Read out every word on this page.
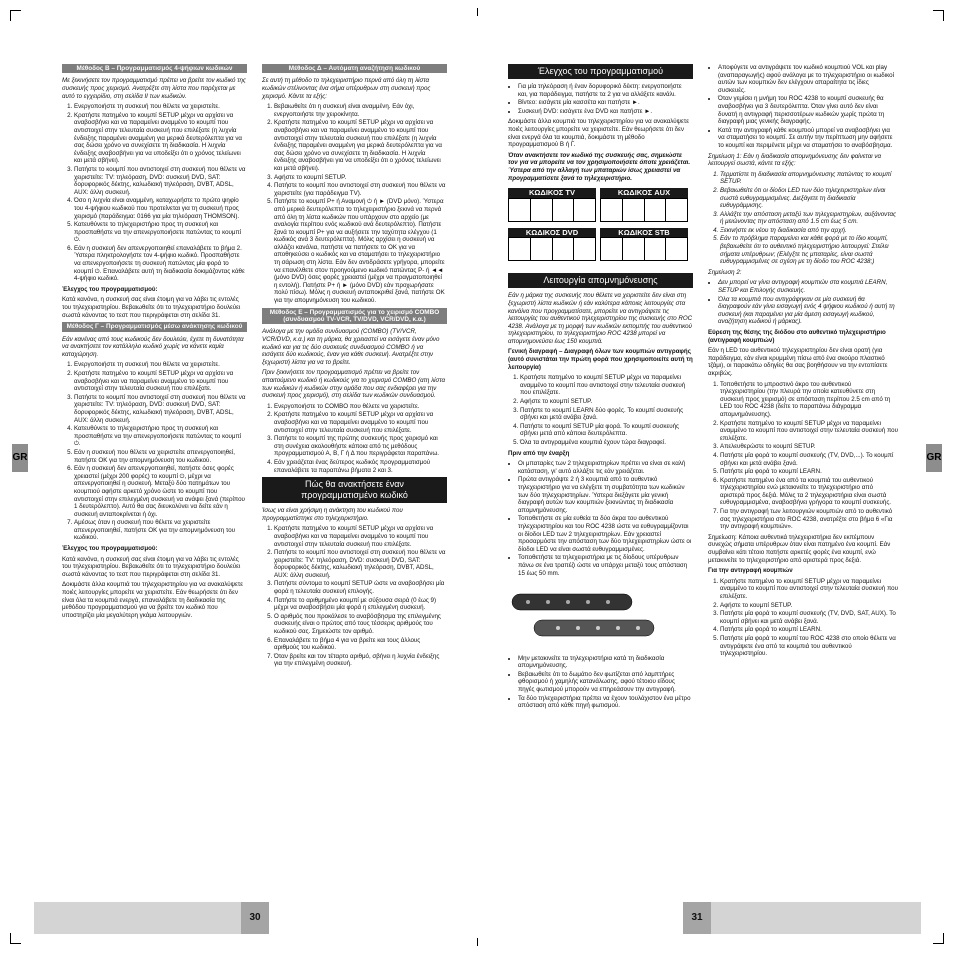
GR	GR
30	31
Μέθοδος Β – Προγραμματισμός 4-ψήφιων κωδικών

Με ξεκινήσετε τον προγραμματισμό πρέπει να βρείτε τον κωδικό της συσκευής προς χειρισμό. Ανατρέξτε στη λίστα που παρέχεται με αυτό το εγχειρίδιο, στη σελίδα ΙΙ των κωδικών.

1. Ενεργοποιήστε τη συσκευή που θέλετε να χειριστείτε.
2. Κρατήστε πατημένο το κουμπί SETUP μέχρι να αρχίσει να αναβοσβήνει και να παραμείνει αναμμένο το κουμπί που αντιστοιχεί στην τελευταία συσκευή που επιλέξατε (η λυχνία ένδειξης παραμένει αναμμένη για μερικά δευτερόλεπτα για να σας δώσει χρόνο να συνεχίσετε τη διαδικασία. Η λυχνία ένδειξης αναβοσβήνει για να υποδείξει ότι ο χρόνος τελείωνει και μετά σβήνει).
3. Πατήστε το κουμπί που αντιστοιχεί στη συσκευή που θέλετε να χειριστείτε: TV: τηλεόραση, DVD: συσκευή DVD, SAT: δορυφορικός δέκτης, καλωδιακή τηλεόραση, DVBT, ADSL, AUX: άλλη συσκευή.
4. Όσο η λυχνία είναι αναμμένη, καταχωρήστε το πρώτο ψηφίο του 4-ψήφιου κωδικού που προτείνεται για τη συσκευή προς χειρισμό (παράδειγμα: 0166 για μία τηλεόραση THOMSON).
5. Κατευθύνετε το τηλεχειριστήριο προς τη συσκευή και προσπαθήστε να την απενεργοποιήσετε πατώντας το κουμπί ⏻.
6. Εάν η συσκευή δεν απενεργοποιηθεί επαναλάβετε το βήμα 2. Ύστερα πληκτρολογήστε τον 4-ψήφιο κωδικό. Προσπαθήστε να απενεργοποιήσετε τη συσκευή πατώντας μία φορά το κουμπί ⏻. Επαναλάβετε αυτή τη διαδικασία δοκιμάζοντας κάθε 4-ψήφιο κωδικό.

Έλεγχος του προγραμματισμού:

Κατά κανόνα, η συσκευή σας είναι έτοιμη για να λάβει τις εντολές του τηλεχειριστηρίου. Βεβαιωθείτε ότι το τηλεχειριστήριο δουλεύει σωστά κάνοντας το τεστ που περιγράφεται στη σελίδα 31.

Μέθοδος Γ – Προγραμματισμός μέσω ανάκτησης κωδικού

Εάν κανένας από τους κωδικούς δεν δουλεύει, έχετε τη δυνατότητα να ανακτήσετε τον κατάλληλο κωδικό χωρίς να κάνετε καμία καταχώρηση.

1. Ενεργοποιήστε τη συσκευή που θέλετε να χειριστείτε.
2. Κρατήστε πατημένο το κουμπί SETUP μέχρι να αρχίσει να αναβοσβήνει και να παραμείνει αναμμένο το κουμπί που αντιστοιχεί στην τελευταία συσκευή που επιλέξατε.
3. Πατήστε το κουμπί που αντιστοιχεί στη συσκευή που θέλετε να χειριστείτε: TV: τηλεόραση, DVD: συσκευή DVD, SAT: δορυφορικός δέκτης, καλωδιακή τηλεόραση, DVBT, ADSL, AUX: άλλη συσκευή.
4. Κατευθύνετε το τηλεχειριστήριο προς τη συσκευή και προσπαθήστε να την απενεργοποιήσετε πατώντας το κουμπί ⏻.
5. Εάν η συσκευή που θέλετε να χειριστείτε απενεργοποιηθεί, πατήστε OK για την απομνημόνευση του κωδικού.
6. Εάν η συσκευή δεν απενεργοποιηθεί, πατήστε όσες φορές χρειαστεί (μέχρι 200 φορές) το κουμπί ⏻, μέχρι να απενεργοποιηθεί η συσκευή. Μεταξύ δύο πατημάτων του κουμπιού αφήστε αρκετό χρόνο ώστε το κουμπί που αντιστοιχεί στην επιλεγμένη συσκευή να ανάψει ξανά (περίπου 1 δευτερόλεπτο). Αυτό θα σας διευκολύνει να δείτε εάν η συσκευή ανταποκρίνεται ή όχι.
7. Αμέσως όταν η συσκευή που θέλετε να χειριστείτε απενεργοποιηθεί, πατήστε OK για την απομνημόνευση του κωδικού.

Έλεγχος του προγραμματισμού:

Κατά κανόνα, η συσκευή σας είναι έτοιμη για να λάβει τις εντολές του τηλεχειριστηρίου. Βεβαιωθείτε ότι το τηλεχειριστήριο δουλεύει σωστά κάνοντας το τεστ που περιγράφεται στη σελίδα 31.

Δοκιμάστε άλλα κουμπιά του τηλεχειριστηρίου για να ανακαλύψετε ποιές λειτουργίες μπορείτε να χειριστείτε. Εάν θεωρήσετε ότι δεν είναι όλα τα κουμπιά ενεργά, επαναλάβετε τη διαδικασία της μεθόδου προγραμματισμού για να βρείτε τον κωδικό που υποστηρίζει μία μεγαλύτερη γκάμα λειτουργιών.

Μέθοδος Δ – Αυτόματη αναζήτηση κωδικού

Σε αυτή τη μέθοδο το τηλεχειριστήριο περνά από όλη τη λίστα κωδικών στέλνοντας ένα σήμα υπέρυθρων στη συσκευή προς χειρισμό. Κάντε τα εξής:

1. Βεβαιωθείτε ότι η συσκευή είναι αναμμένη. Εάν όχι, ενεργοποιήστε την χειροκίνητα.
2. Κρατήστε πατημένο το κουμπί SETUP μέχρι να αρχίσει να αναβοσβήνει και να παραμείνει αναμμένο το κουμπί που αντιστοιχεί στην τελευταία συσκευή που επιλέξατε (η λυχνία ένδειξης παραμένει αναμμένη για μερικά δευτερόλεπτα για να σας δώσει χρόνο να συνεχίσετε τη διαδικασία. Η λυχνία ένδειξης αναβοσβήνει για να υποδείξει ότι ο χρόνος τελείωνει και μετά σβήνει).
3. Αφήστε το κουμπί SETUP.
4. Πατήστε το κουμπί που αντιστοιχεί στη συσκευή που θέλετε να χειριστείτε (για παράδειγμα TV).
5. Πατήστε το κουμπί P+ ή Αναμονή ⏻ ή ► (DVD μόνο). Ύστερα από μερικά δευτερόλεπτα το τηλεχειριστήριο ξεκινά να περνά από όλη τη λίστα κωδικών που υπάρχουν στο αρχείο (με αναλογία περίπου ενός κωδικού ανά δευτερόλεπτο). Πατήστε ξανά το κουμπί P+ για να αυξήσετε την ταχύτητα ελέγχου (1 κωδικός ανά 3 δευτερόλεπτα). Μόλις αρχίσει η συσκευή να αλλάζει κανάλια, πατήστε να πατήσετε το OK για να αποθηκεύσει ο κωδικός και να σταματήσει το τηλεχειριστήριο τη σάρωση στη λίστα. Εάν δεν αντιδράσετε γρήγορα, μπορείτε να επανέλθετε στον προηγούμενο κωδικό πατώντας P- ή ◄◄ (μόνο DVD) όσες φορές χρειαστεί (μέχρι να πραγματοποιηθεί η εντολή). Πατήστε P+ ή ► (μόνο DVD) εάν προχωρήσατε πολύ πίσω). Μόλις η συσκευή ανταποκριθεί ξανά, πατήστε OK για την απομνημόνευση του κωδικού.
Μέθοδος Ε – Προγραμματισμός για το χειρισμό COMBO (συνδυασμού TV-VCR, TV/DVD, VCR/DVD, κ.α.)

Ανάλογα με την ομάδα συνδυασμού (COMBO) (TV/VCR, VCR/DVD, κ.α.) και τη μάρκα, θα χρειαστεί να εισάγετε έναν μόνο κωδικό και για τις δύο συσκευές συνδυασμού COMBO ή να εισάγετε δύο κωδικούς, έναν για κάθε συσκευή. Ανατρέξτε στην ξεχωριστή λίστα για να το βρείτε.

Πριν ξεκινήσετε τον προγραμματισμό πρέπει να βρείτε τον απαιτούμενο κωδικό ή κωδικούς για το χειρισμό COMBO (ατη λίστα των κωδικών ή κωδικών στην ομάδα που σας ενδιαφέρει για την συσκευή προς χειρισμό), στη σελίδα των κωδικών συνδυασμού.

1. Ενεργοποιήστε το COMBO που θέλετε να χειριστείτε.
2. Κρατήστε πατημένο το κουμπί SETUP μέχρι να αρχίσει να αναβοσβήνει και να παραμείνει αναμμένο το κουμπί που αντιστοιχεί στην τελευταία συσκευή που επιλέξατε.
3. Πατήστε το κουμπί της πρώτης συσκευής προς χειρισμό και στη συνέχεια ακολουθήστε κάποια από τις μεθόδους προγραμματισμού Α, Β, Γ ή Δ που περιγράφεται παραπάνω.
4. Εάν χρειάζεται ένας δεύτερος κωδικός προγραμματισμού επαναλάβετε τα παραπάνω βήματα 2 και 3.
Πώς θα ανακτήσετε έναν προγραμματισμένο κωδικό

Ίσως να είναι χρήσιμη η ανάκτηση του κωδικού που προγραμματίστηκε στο τηλεχειριστήριο.

1. Κρατήστε πατημένο το κουμπί SETUP μέχρι να αρχίσει να αναβοσβήνει και να παραμείνει αναμμένο το κουμπί που αντιστοιχεί στην τελευταία συσκευή που επιλέξατε.
2. Πατήστε το κουμπί που αντιστοιχεί στη συσκευή που θέλετε να χειριστείτε: TV: τηλεόραση, DVD: συσκευή DVD, SAT: δορυφορικός δέκτης, καλωδιακή τηλεόραση, DVBT, ADSL, AUX: άλλη συσκευή.
3. Πατήστε σύντομα το κουμπί SETUP ώστε να αναβοσβήσει μία φορά η τελευταία συσκευή επιλογής.
4. Πατήστε το αριθμημένο κουμπί με σύξουσα σειρά (0 έως 9) μέχρι να αναβοσβήσει μία φορά η επιλεγμένη συσκευή.
5. Ο αριθμός που προκάλεσε το αναβόσβησμα της επιλεγμένης συσκευής είναι ο πρώτος από τους τέσσερις αριθμούς του κωδικού σας. Σημειώστε τον αριθμό.
6. Επαναλάβετε το βήμα 4 για να βρείτε και τους άλλους αριθμούς του κωδικού.
7. Όταν βρείτε και τον τέταρτο αριθμό, σβήνει η λυχνία ένδειξης για την επιλεγμένη συσκευή.
Έλεγχος του προγραμματισμού
• Για μία τηλεόραση ή έναν δορυφορικό δέκτη: ενεργοποιήστε και, για παράδειγμα, πατήστε τα 2 για να αλλάξετε κανάλι.
• Βίντεο: εισάγετε μία κασσέτα και πατήστε ►.
• Συσκευή DVD: εισάγετε ένα DVD και πατήστε ►.

Δοκιμάστε άλλα κουμπιά του τηλεχειριστηρίου για να ανακαλύψετε ποιές λειτουργίες μπορείτε να χειριστείτε. Εάν θεωρήσετε ότι δεν είναι ενεργά όλα τα κουμπιά, δοκιμάστε τη μέθοδο προγραμματισμού Β ή Γ.

Όταν ανακτήσετε τον κωδικό της συσκευής σας, σημειώστε τον για να μπορείτε να τον χρησιμοποιήσετε όποτε χρειάζεται. Ύστερα από την αλλαγή των μπαταριών ίσως χρειαστεί να προγραμματίσετε ξανά το τηλεχειριστήριο.

ΚΩΔΙΚΟΣ TV	ΚΩΔΙΚΟΣ AUX
ΚΩΔΙΚΟΣ DVD	ΚΩΔΙΚΟΣ STB
Λειτουργία απομνημόνευσης

Εάν η μάρκα της συσκευής που θέλετε να χειριστείτε δεν είναι στη ξεχωριστή λίστα κωδικών ή εάν καλύτερα κάποιες λειτουργίες στα κανάλια που προγραμματίσατε, μπορείτε να αντιγράψετε τις λειτουργίες του αυθεντικού τηλεχειριστηρίου της συσκευής στο ROC 4238. Ανάλογα με τη μορφή των κωδικών εκπομπής του αυθεντικού τηλεχειριστηρίου, το τηλεχειριστήριο ROC 4238 μπορεί να απομνημονεύσει έως 150 κουμπιά.

Γενική διαγραφή – Διαγραφή όλων των κουμπιών αντιγραφής (αυτό συνιστάται την πρώτη φορά που χρησιμοποιείτε αυτή τη λειτουργία)

1. Κρατήστε πατημένο το κουμπί SETUP μέχρι να παραμείνει αναμμένο το κουμπί που αντιστοιχεί στην τελευταία συσκευή που επιλέξατε.
2. Αφήστε το κουμπί SETUP.
3. Πατήστε το κουμπί LEARN δύο φορές. Το κουμπί συσκευής σβήνει και μετά ανάβει ξανά.
4. Πατήστε το κουμπί SETUP μία φορά. Το κουμπί συσκευής σβήνει μετά από κάποια δευτερόλεπτα.
5. Όλα τα αντιγραμμένα κουμπιά έχουν τώρα διαγραφεί.

Πριν από την έναρξη

• Οι μπαταρίες των 2 τηλεχειριστηρίων πρέπει να είναι σε καλή κατάσταση, γι' αυτό αλλάξτε τις εάν χρειάζεται.
• Πρώτα αντιγράψτε 2 ή 3 κουμπιά από το αυθεντικό τηλεχειριστήριο για να ελέγξετε τη συμβατότητα των κωδικών των δύο τηλεχειριστηρίων. Ύστερα διεξάγετε μία γενική διαγραφή αυτών των κουμπιών ξεκινώντας τη διαδικασία απομνημόνευσης.
• Τοποθετήστε σε μία ευθεία τα δύο άκρα του αυθεντικού τηλεχειριστηρίου και του ROC 4238 ώστε να ευθυγραμμίζονται οι δίοδοι LED των 2 τηλεχειριστηρίων. Εάν χρειαστεί προσαρμόστε την απόσταση των δύο τηλεχειριστηρίων ώστε οι δίοδοι LED να είναι σωστά ευθυγραμμισμένες.
• Τοποθετήστε τα τηλεχειριστήρια με τις δίοδους υπέρυθρων πάνω σε ένα τραπέζι ώστε να υπάρχει μεταξύ τους απόσταση 15 έως 50 mm.
• Μην μετακινείτε τα τηλεχειριστήρια κατά τη διαδικασία απομνημόνευσης.
• Βεβαιωθείτε ότι το δωμάτιο δεν φωτίζεται από λαμπτήρες φθορισμού ή χαμηλής κατανάλωσης, αφού τέτοιου είδους πηγές φωτισμού μπορούν να επηρεάσουν την αντιγραφή.
• Τα δύο τηλεχειριστήρια πρέπει να έχουν τουλάχιστον ένα μέτρο απόσταση από κάθε πηγή φωτισμού.
• Αποφύγετε να αντιγράψετε τον κωδικό κουμπιού VOL και play (αναπαραγωγής) αφού ανάλογα με το τηλεχειριστήριο οι κωδικοί αυτών των κουμπιών δεν ελέγχουν απαραίτητα τις ίδιες συσκευές.
• Όταν γεμίσει η μνήμη του ROC 4238 το κουμπί συσκευής θα αναβοσβήνει για 3 δευτερόλεπτα. Όταν γίνει αυτό δεν είναι δυνατή η αντιγραφή περισσοτέρων κωδικών χωρίς πρώτα τη διαγραφή μιας γενικής διαγραφής.
• Κατά την αντιγραφή κάθε κουμπιού μπορεί να αναβοσβήνει για να σταματήσει το κουμπί. Σε αυτήν την περίπτωση μην αφήσετε το κουμπί και περιμένετε μέχρι να σταματήσει το αναβόσβησμα.

Σημείωση 1: Εάν η διαδικασία απομνημόνευσης δεν φαίνεται να λειτουργεί σωστά, κάντε τα εξής:

1. Τερματίστε τη διαδικασία απομνημόνευσης πατώντας το κουμπί SETUP.
2. Βεβαιωθείτε ότι οι δίοδοι LED των δύο τηλεχειριστηρίων είναι σωστά ευθυγραμμισμένες. Διεξάγετε τη διαδικασία ευθυγράμμισης.
3. Αλλάξτε την απόσταση μεταξύ των τηλεχειριστηρίων, αυξάνοντας ή μειώνοντας την απόσταση από 1.5 cm έως 5 cm.
4. Ξεκινήστε εκ νέου τη διαδικασία από την αρχή.
5. Εάν το πρόβλημα παραμείνει και κάθε φορά με το ίδιο κουμπί, βεβαιωθείτε ότι το αυθεντικό τηλεχειριστήριο λειτουργεί: Στείλει σήματα υπέρυθρων; (Ελέγξτε τις μπαταρίες, είναι σωστά ευθυγραμμισμένες σε σχέση με τη δίοδο του ROC 4238;)

Σημείωση 2:

• Δεν μπορεί να γίνει αντιγραφή κουμπιών στα κουμπιά LEARN, SETUP και Επιλογής συσκευής.
• Όλα τα κουμπιά που αντιγράφηκαν σε μία συσκευή θα διαγραφούν εάν γίνει εισαγωγή ενός 4 ψήφιου κωδικού ή αυτή τη συσκευή (και παραμένει για μία άμεση εισαγωγή κωδικού, αναζήτηση κωδικού ή μάρκας).

Εύρεση της θέσης της διόδου στο αυθεντικό τηλεχειριστήριο (αντιγραφή κουμπιών)

Εάν η LED του αυθεντικού τηλεχειριστηρίου δεν είναι ορατή (για παράδειγμα, εάν είναι κρυμμένη πίσω από ένα σκούρο πλαστικό τζάμι), οι παρακάτω οδηγίες θα σας βοηθήσουν να την εντοπίσετε ακριβώς.

1. Τοποθετήστε το μπροστινό άκρο του αυθεντικού τηλεχειριστηρίου (την πλευρά την οποία κατευθύνετε στη συσκευή προς χειρισμό) σε απόσταση περίπου 2.5 cm από τη LED του ROC 4238 (δείτε το παραπάνω διάγραμμα απομνημόνευσης).
2. Κρατήστε πατημένο το κουμπί SETUP μέχρι να παραμείνει αναμμένο το κουμπί που αντιστοιχεί στην τελευταία συσκευή που επιλέξατε.
3. Απελευθερώστε το κουμπί SETUP.
4. Πατήστε μία φορά το κουμπί συσκευής (TV, DVD,...). Το κουμπί σβήνει και μετά ανάβει ξανά.
5. Πατήστε μία φορά το κουμπί LEARN.
6. Κρατήστε πατημένο ένα από τα κουμπιά του αυθεντικού τηλεχειριστηρίου ενώ μετακινείτε το τηλεχειριστήριο από αριστερά προς δεξιά. Μόλις τα 2 τηλεχειριστήρια είναι σωστά ευθυγραμμισμένα, αναβοσβήνει γρήγορα το κουμπί συσκευής.
7. Για την αντιγραφή των λειτουργιών κουμπιών από το αυθεντικό σας τηλεχειριστήριο στο ROC 4238, ανατρέξτε στο βήμα 6 «Για την αντιγραφή κουμπιών».

Σημείωση: Κάποια αυθεντικά τηλεχειριστήρια δεν εκπέμπουν συνεχώς σήματα υπέρυθρων όταν είναι πατημένο ένα κουμπί. Εάν συμβαίνει κάτι τέτοιο πατήστε αρκετές φορές ένα κουμπί, ενώ μετακινείτε το τηλεχειριστήριο από αριστερά προς δεξιά.

Για την αντιγραφή κουμπιών

1. Κρατήστε πατημένο το κουμπί SETUP μέχρι να παραμείνει αναμμένο το κουμπί που αντιστοιχεί στην τελευταία συσκευή που επιλέξατε.
2. Αφήστε το κουμπί SETUP.
3. Πατήστε μία φορά το κουμπί συσκευής (TV, DVD, SAT, AUX). Το κουμπί σβήνει και μετά ανάβει ξανά.
4. Πατήστε μία φορά το κουμπί LEARN.
5. Πατήστε μία φορά το κουμπί του ROC 4238 στο οποίο θέλετε να αντιγράψετε ένα από τα κουμπιά του αυθεντικού τηλεχειριστηρίου.
